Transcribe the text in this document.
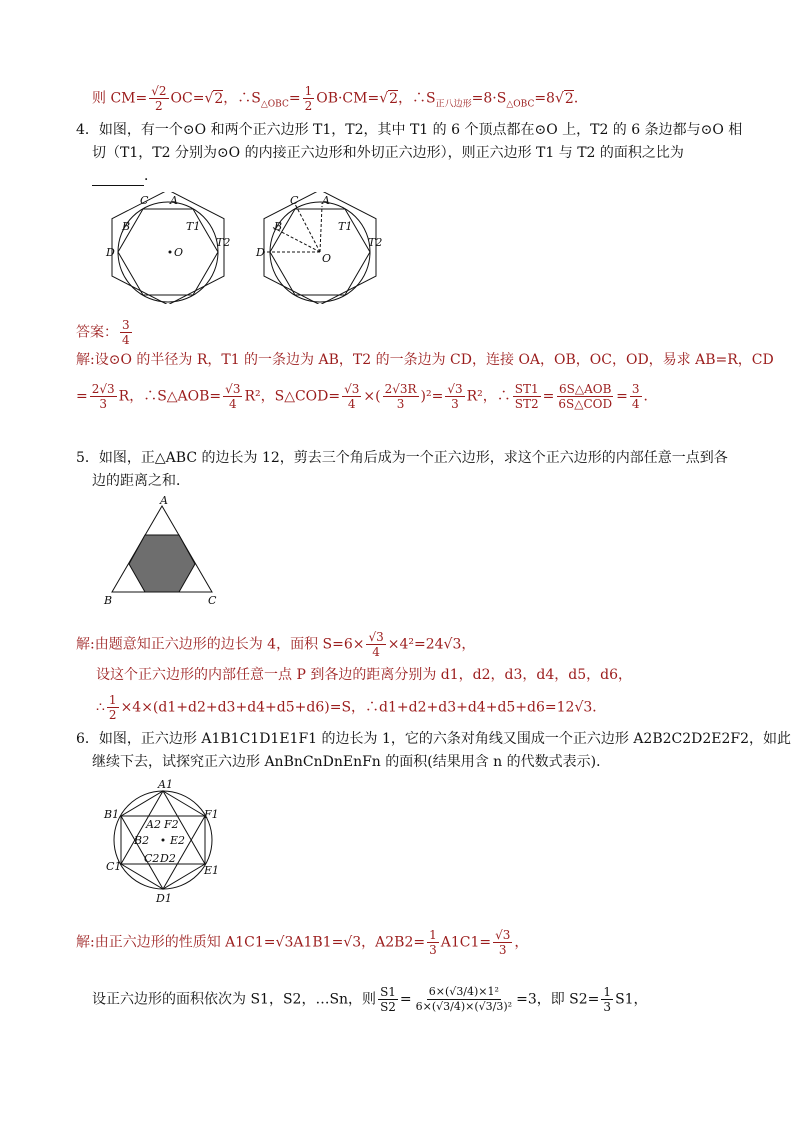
则 $CM= \frac{√2}{2} OC=√2$，$\therefore S_{\triangle OBC}= \frac{1}{2} OB\cdot CM=√2$，$\therefore S_{正八边形}=8\cdot S_{\triangle OBC}=8√2$．
4．如图，有一个⊙O 和两个正六边形 T1，T2，其中 T1 的 6 个顶点都在⊙O 上，T2 的 6 条边都与⊙O 相
切（T1，T2 分别为⊙O 的内接正六边形和外切正六边形），则正六边形 T1 与 T2 的面积之比为
．
C A
B
D	O
T1
T2
C A
B
D	O
T1
T2
答案： $\frac{3}{4}$
解:设⊙O 的半径为 R，T1 的一条边为 AB，T2 的一条边为 CD，连接 OA，OB，OC，OD，易求 AB=R，CD
= $\frac{2√3}{3}$ R，∴S△AOB= $\frac{√3}{4} R^2$，S△COD= $\frac{√3}{4}$ ×( $\frac{2√3R}{3} )^2= \frac{√3}{3} R^2$，∴ $\frac{ST1}{ST2} = \frac{\text{6S△AOB}}{\text{6S△COD}} = \frac{3}{4}$ ．
5．如图，正△ABC 的边长为 12，剪去三个角后成为一个正六边形，求这个正六边形的内部任意一点到各
边的距离之和．
A
B	C
解:由题意知正六边形的边长为 4，面积 $S=6\times \frac{√3}{4} \times 4^2=24√3$，
设这个正六边形的内部任意一点 P 到各边的距离分别为 d1，d2，d3，d4，d5，d6，
∴ $\frac{1}{2} \times 4\times(d1+d2+d3+d4+d5+d6)=S$，∴d1+d2+d3+d4+d5+d6=12√3．
6．如图，正六边形 A1B1C1D1E1F1 的边长为 1，它的六条对角线又围成一个正六边形 A2B2C2D2E2F2，如此
继续下去，试探究正六边形 AnBnCnDnEnFn 的面积(结果用含 n 的代数式表示)．
A1
B1	F1
C1	E1
D1
A2 F2
B2 E2
C2 D2
解:由正六边形的性质知 A1C1=√3A1B1=√3，$A2B2= \frac{1}{3} A1C1= \frac{√3}{3}$ ，
设正六边形的面积依次为 S1，S2，…Sn，则 $\frac{S1}{S2} = \frac{\text{6×(√3/4)×1²}}{\text{6×(√3/4)×(√3/3)²}} =3$，即 $S2= \frac{1}{3} S1$，
